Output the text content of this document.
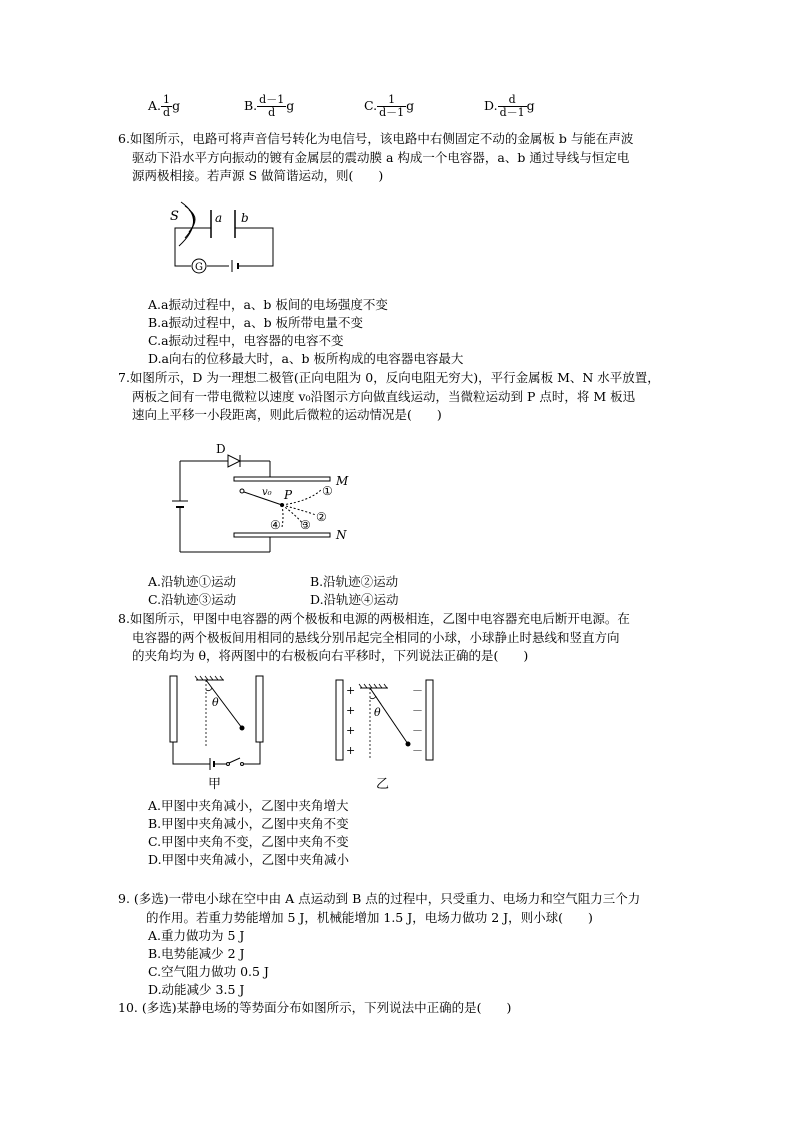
A. $\frac{1}{d}$ g	B. $\frac{d-1}{d}$ g	C. $\frac{1}{d-1}$ g	D. $\frac{d}{d-1}$ g
6.如图所示，电路可将声音信号转化为电信号，该电路中右侧固定不动的金属板 b 与能在声波
驱动下沿水平方向振动的镀有金属层的震动膜 a 构成一个电容器，a、b 通过导线与恒定电
源两极相接。若声源 S 做简谐运动，则(　　)
S	a b
G
A.a振动过程中，a、b 板间的电场强度不变
B.a振动过程中，a、b 板所带电量不变
C.a振动过程中，电容器的电容不变
D.a向右的位移最大时，a、b 板所构成的电容器电容最大
7.如图所示，D 为一理想二极管(正向电阻为 0，反向电阻无穷大)，平行金属板 M、N 水平放置，
两板之间有一带电微粒以速度 v₀沿图示方向做直线运动，当微粒运动到 P 点时，将 M 板迅
速向上平移一小段距离，则此后微粒的运动情况是(　　)
D
M
N
v₀ P ①
②
③
④
A.沿轨迹①运动	B.沿轨迹②运动
C.沿轨迹③运动	D.沿轨迹④运动
8.如图所示，甲图中电容器的两个极板和电源的两极相连，乙图中电容器充电后断开电源。在
电容器的两个极板间用相同的悬线分别吊起完全相同的小球，小球静止时悬线和竖直方向
的夹角均为 θ，将两图中的右极板向右平移时，下列说法正确的是(　　)
θ
甲
+
+
+
+
－
－
－
－
θ
乙
A.甲图中夹角减小，乙图中夹角增大
B.甲图中夹角减小，乙图中夹角不变
C.甲图中夹角不变，乙图中夹角不变
D.甲图中夹角减小，乙图中夹角减小
9. (多选)一带电小球在空中由 A 点运动到 B 点的过程中，只受重力、电场力和空气阻力三个力
的作用。若重力势能增加 5 J，机械能增加 1.5 J，电场力做功 2 J，则小球(　　)
A.重力做功为 5 J
B.电势能减少 2 J
C.空气阻力做功 0.5 J
D.动能减少 3.5 J
10. (多选)某静电场的等势面分布如图所示，下列说法中正确的是(　　)
